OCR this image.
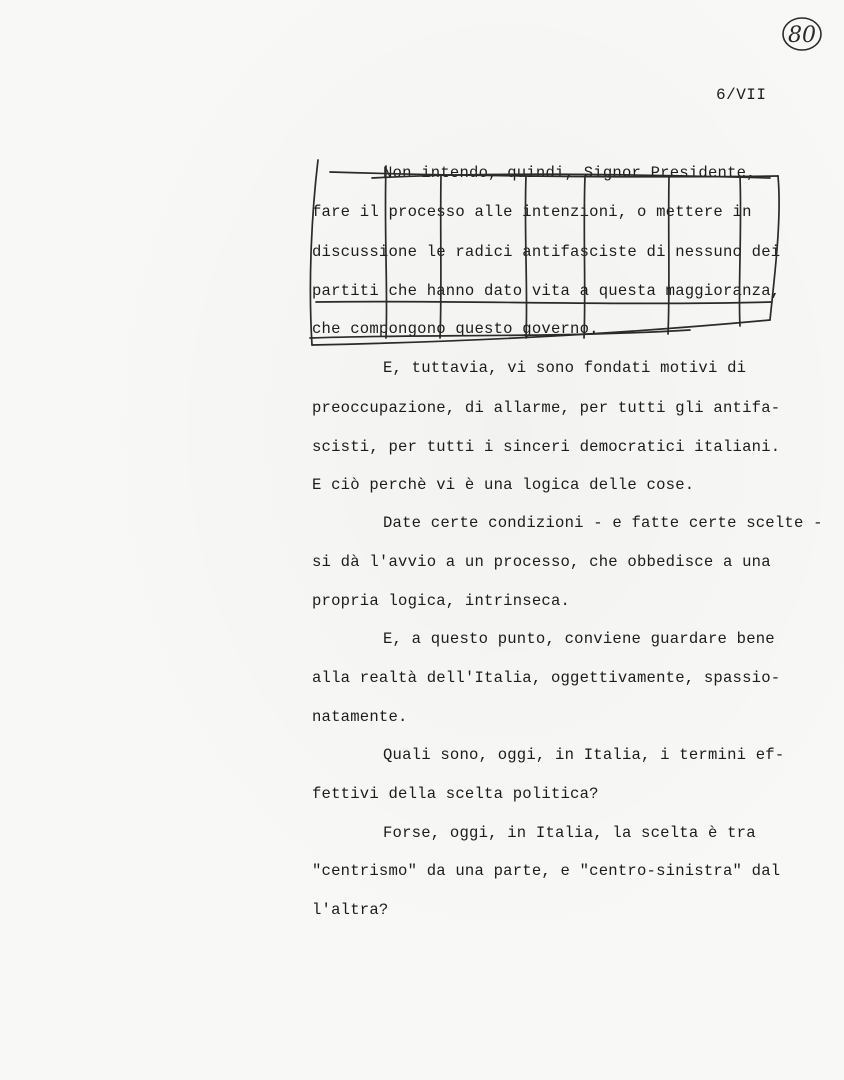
80
6/VII
Non intendo, quindi, Signor Presidente,
fare il processo alle intenzioni, o mettere in
discussione le radici antifasciste di nessuno dei
partiti che hanno dato vita a questa maggioranza,
che compongono questo governo.
E, tuttavia, vi sono fondati motivi di
preoccupazione, di allarme, per tutti gli antifa-
scisti, per tutti i sinceri democratici italiani.
E ciò perchè vi è una logica delle cose.
Date certe condizioni - e fatte certe scelte -
si dà l'avvio a un processo, che obbedisce a una
propria logica, intrinseca.
E, a questo punto, conviene guardare bene
alla realtà dell'Italia, oggettivamente, spassio-
natamente.
Quali sono, oggi, in Italia, i termini ef-
fettivi della scelta politica?
Forse, oggi, in Italia, la scelta è tra
"centrismo" da una parte, e "centro-sinistra" dal
l'altra?
